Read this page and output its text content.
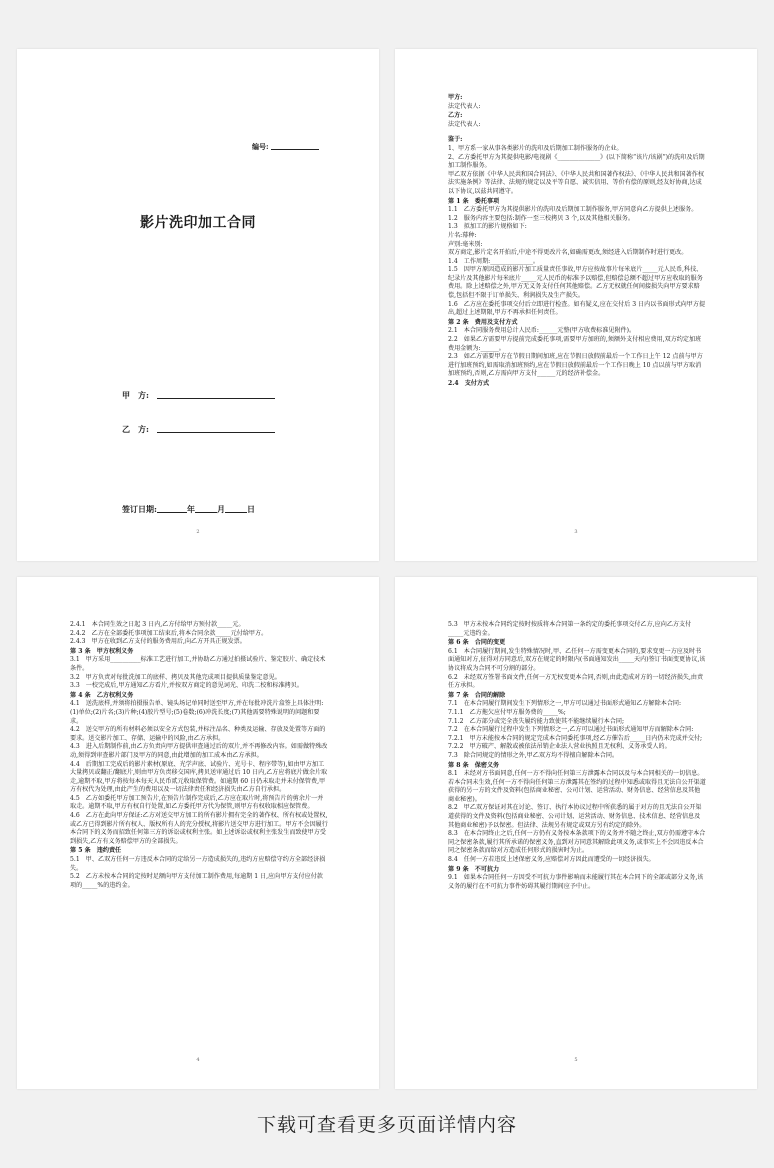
编号:
影片洗印加工合同
甲　方:
乙　方:
签订日期:	年	月	日
2

甲方:

法定代表人:

乙方:

法定代表人:

鉴于:

1、甲方系一家从事各类影片的洗印及后期加工制作服务的企业。

2、乙方委托甲方为其提供电影/电视剧《______________》(以下简称“该片/该剧”)的洗印及后期加工制作服务。

甲乙双方依据《中华人民共和国合同法》、《中华人民共和国著作权法》、《中华人民共和国著作权法实施条例》等法律、法规的规定以及平等自愿、诚实信用、等价有偿的原则,经友好协商,达成以下协议,以兹共同遵守。

第 1 条　委托事项

1.1　乙方委托甲方为其提供影片的洗印及后期加工制作服务,甲方同意向乙方提供上述服务。

1.2　服务内容主要包括:制作一至三校拷贝 3 个,以及其他相关服务。

1.3　拟加工的影片规格如下:

片名:幕种:

声别:毫米别:

双方商定,影片定名开拍后,中途不得更改片名,如确需更改,须经进入后期制作时进行更改。

1.4　工作周期:______________。

1.5　因甲方原因造成的影片加工质量责任事故,甲方应按故事片每米底片_____元人民币,科技、纪录片及其他影片每米底片_____元人民币的标准予以赔偿,但赔偿总额不超过甲方应收取的服务费用。除上述赔偿之外,甲方无义务支付任何其他赔偿。乙方无权就任何间接损失向甲方要求赔偿,包括但不限于订单损失、利润损失及生产损失。

1.6　乙方应在委托事项交付后立即进行检查。如有疑义,应在交付后 3 日内以书面形式向甲方提出,超过上述期限,甲方不再承担任何责任。

第 2 条　费用及支付方式

2.1　本合同服务费用总计人民币:______元整(甲方收费标准见附件)。

2.2　如果乙方需要甲方提前完成委托事项,需要甲方加班的,须额外支付相应费用,双方约定加班费用金额为:______。

2.3　如乙方需要甲方在节假日期间加班,应在节假日放假前最后一个工作日上午 12 点前与甲方进行加班预约,如需取消加班预约,应在节假日放假前最后一个工作日晚上 10 点以前与甲方取消加班预约,否则,乙方需向甲方支付______元的经济补偿金。

2.4　支付方式

3

2.4.1　本合同生效之日起 3 日内,乙方付给甲方预付款_____元。

2.4.2　乙方在全部委托事项加工结束后,将本合同余款_____元付给甲方。

2.4.3　甲方在收到乙方支付的服务费用后,向乙方开具正规发票。

第 3 条　甲方权利义务

3.1　甲方采用__________标准工艺进行加工,并协助乙方通过拍摄试验片、鉴定胶片、确定技术条件。

3.2　甲方负责对每批洗加工的底样、拷贝及其他完成项目提供质量鉴定意见。

3.3　一校完成后,甲方通知乙方看片,并按双方商定的意见词光、印洗二校和标准拷贝。

第 4 条　乙方权利义务

4.1　送洗底样,并须将拍摄报告单、镜头场记单同时送至甲方,并在每批冲洗片盒签上具体注明:(1)单位;(2)片名;(3)片种;(4)胶片型号;(5)卷数;(6)冲洗长度;(7)其他需要特殊说明的问题和要求。

4.2　送交甲方的所有材料必须以安全方式包装,并标注品名、种类及运输、存放及处置等方面的要求。送交影片加工、存储、运输中的风险,由乙方承担。

4.3　进入后期制作前,由乙方负责向甲方提供审查通过后的双片,并不再修改内容。如需做特殊改动,须得到审查影片部门及甲方的同意,由此增加的加工成本由乙方承担。

4.4　后期加工完成后的影片素材(原底、光学声底、试验片、光号卡、程序带等),如由甲方加工大量拷贝或翻正/翻底片,则由甲方负责移交国库,拷贝送审通过后 10 日内,乙方应将底片做余片取走,逾期不取,甲方将按每本每天人民币贰元收取保管费。如逾期 60 日仍未取走并未付保管费,甲方有权代为处理,由此产生的费用以及一切法律责任和经济损失由乙方自行承担。

4.5　乙方如委托甲方加工预告片,在预告片制作完成后,乙方应在取片时,将预告片的剪余片一并取走。逾期不取,甲方有权自行处置,如乙方委托甲方代为保管,则甲方有权收取相应保管费。

4.6　乙方在此向甲方保证:乙方对送交甲方加工的所有影片拥有完全的著作权、所有权或处置权,或乙方已得到影片所有权人、版权所有人的充分授权,将影片送交甲方进行加工。甲方不会因履行本合同下的义务而招致任何第三方的诉讼或权利主张。如上述诉讼或权利主张发生而致使甲方受到损失,乙方有义务赔偿甲方的全部损失。

第 5 条　违约责任

5.1　甲、乙双方任何一方违反本合同的定给另一方造成损失的,违约方应赔偿守约方全部经济损失。

5.2　乙方未按本合同的定按时足额向甲方支付加工制作费用,每逾期 1 日,应向甲方支付应付款项的_____%的违约金。

4

5.3　甲方未按本合同约定按时按质将本合同第一条约定的委托事项交付乙方,应向乙方支付_____元违约金。

第 6 条　合同的变更

6.1　本合同履行期间,发生特殊情况时,甲、乙任何一方需变更本合同的,要求变更一方应及时书面通知对方,征得对方同意后,双方在规定的时限内(书面通知发出_____天内)签订书面变更协议,该协议将成为合同不可分割的部分。

6.2　未经双方签署书面文件,任何一方无权变更本合同,否则,由此造成对方的一切经济损失,由责任方承担。

第 7 条　合同的解除

7.1　在本合同履行期间发生下列情形之一,甲方可以通过书面形式通知乙方解除本合同:

7.1.1　乙方拖欠应付甲方服务费的_____%;

7.1.2　乙方部分或完全丧失履约能力致使其不能继续履行本合同;

7.2　在本合同履行过程中发生下列情形之一,乙方可以通过书面形式通知甲方而解除本合同:

7.2.1　甲方未能按本合同的规定完成本合同委托事项,经乙方催告后_____日内仍未完成并交付;

7.2.2　甲方破产、解散或被依法吊销企业法人营业执照且无权利、义务承受人的。

7.3　除合同规定的情形之外,甲乙双方均不得擅自解除本合同。

第 8 条　保密义务

8.1　未经对方书面同意,任何一方不得向任何第三方泄露本合同以及与本合同相关的一切信息。若本合同未生效,任何一方不得向任何第三方泄露其在签约的过程中知悉或取得且无法自公开渠道获得的另一方的文件及资料(包括商业秘密、公司计划、运营活动、财务信息、经营信息及其他商业秘密)。

8.2　甲乙双方保证对其在讨论、签订、执行本协议过程中所获悉的属于对方的且无法自公开渠道获得的文件及资料(包括商业秘密、公司计划、运营活动、财务信息、技术信息、经营信息及其他商业秘密)予以保密。但法律、法规另有规定或双方另有约定的除外。

8.3　在本合同终止之后,任何一方仍有义务按本条款项下的义务并不随之终止,双方仍需遵守本合同之保密条款,履行其所承诺的保密义务,直到对方同意其解除此项义务,或事实上不会因违反本合同之保密条款而给对方造成任何形式的损害时为止。

8.4　任何一方若违反上述保密义务,应赔偿对方因此而遭受的一切经济损失。

第 9 条　不可抗力

9.1　如果本合同任何一方因受不可抗力事件影响而未能履行其在本合同下的全部或部分义务,该义务的履行在不可抗力事件妨碍其履行期间应予中止。

5
下载可查看更多页面详情内容
